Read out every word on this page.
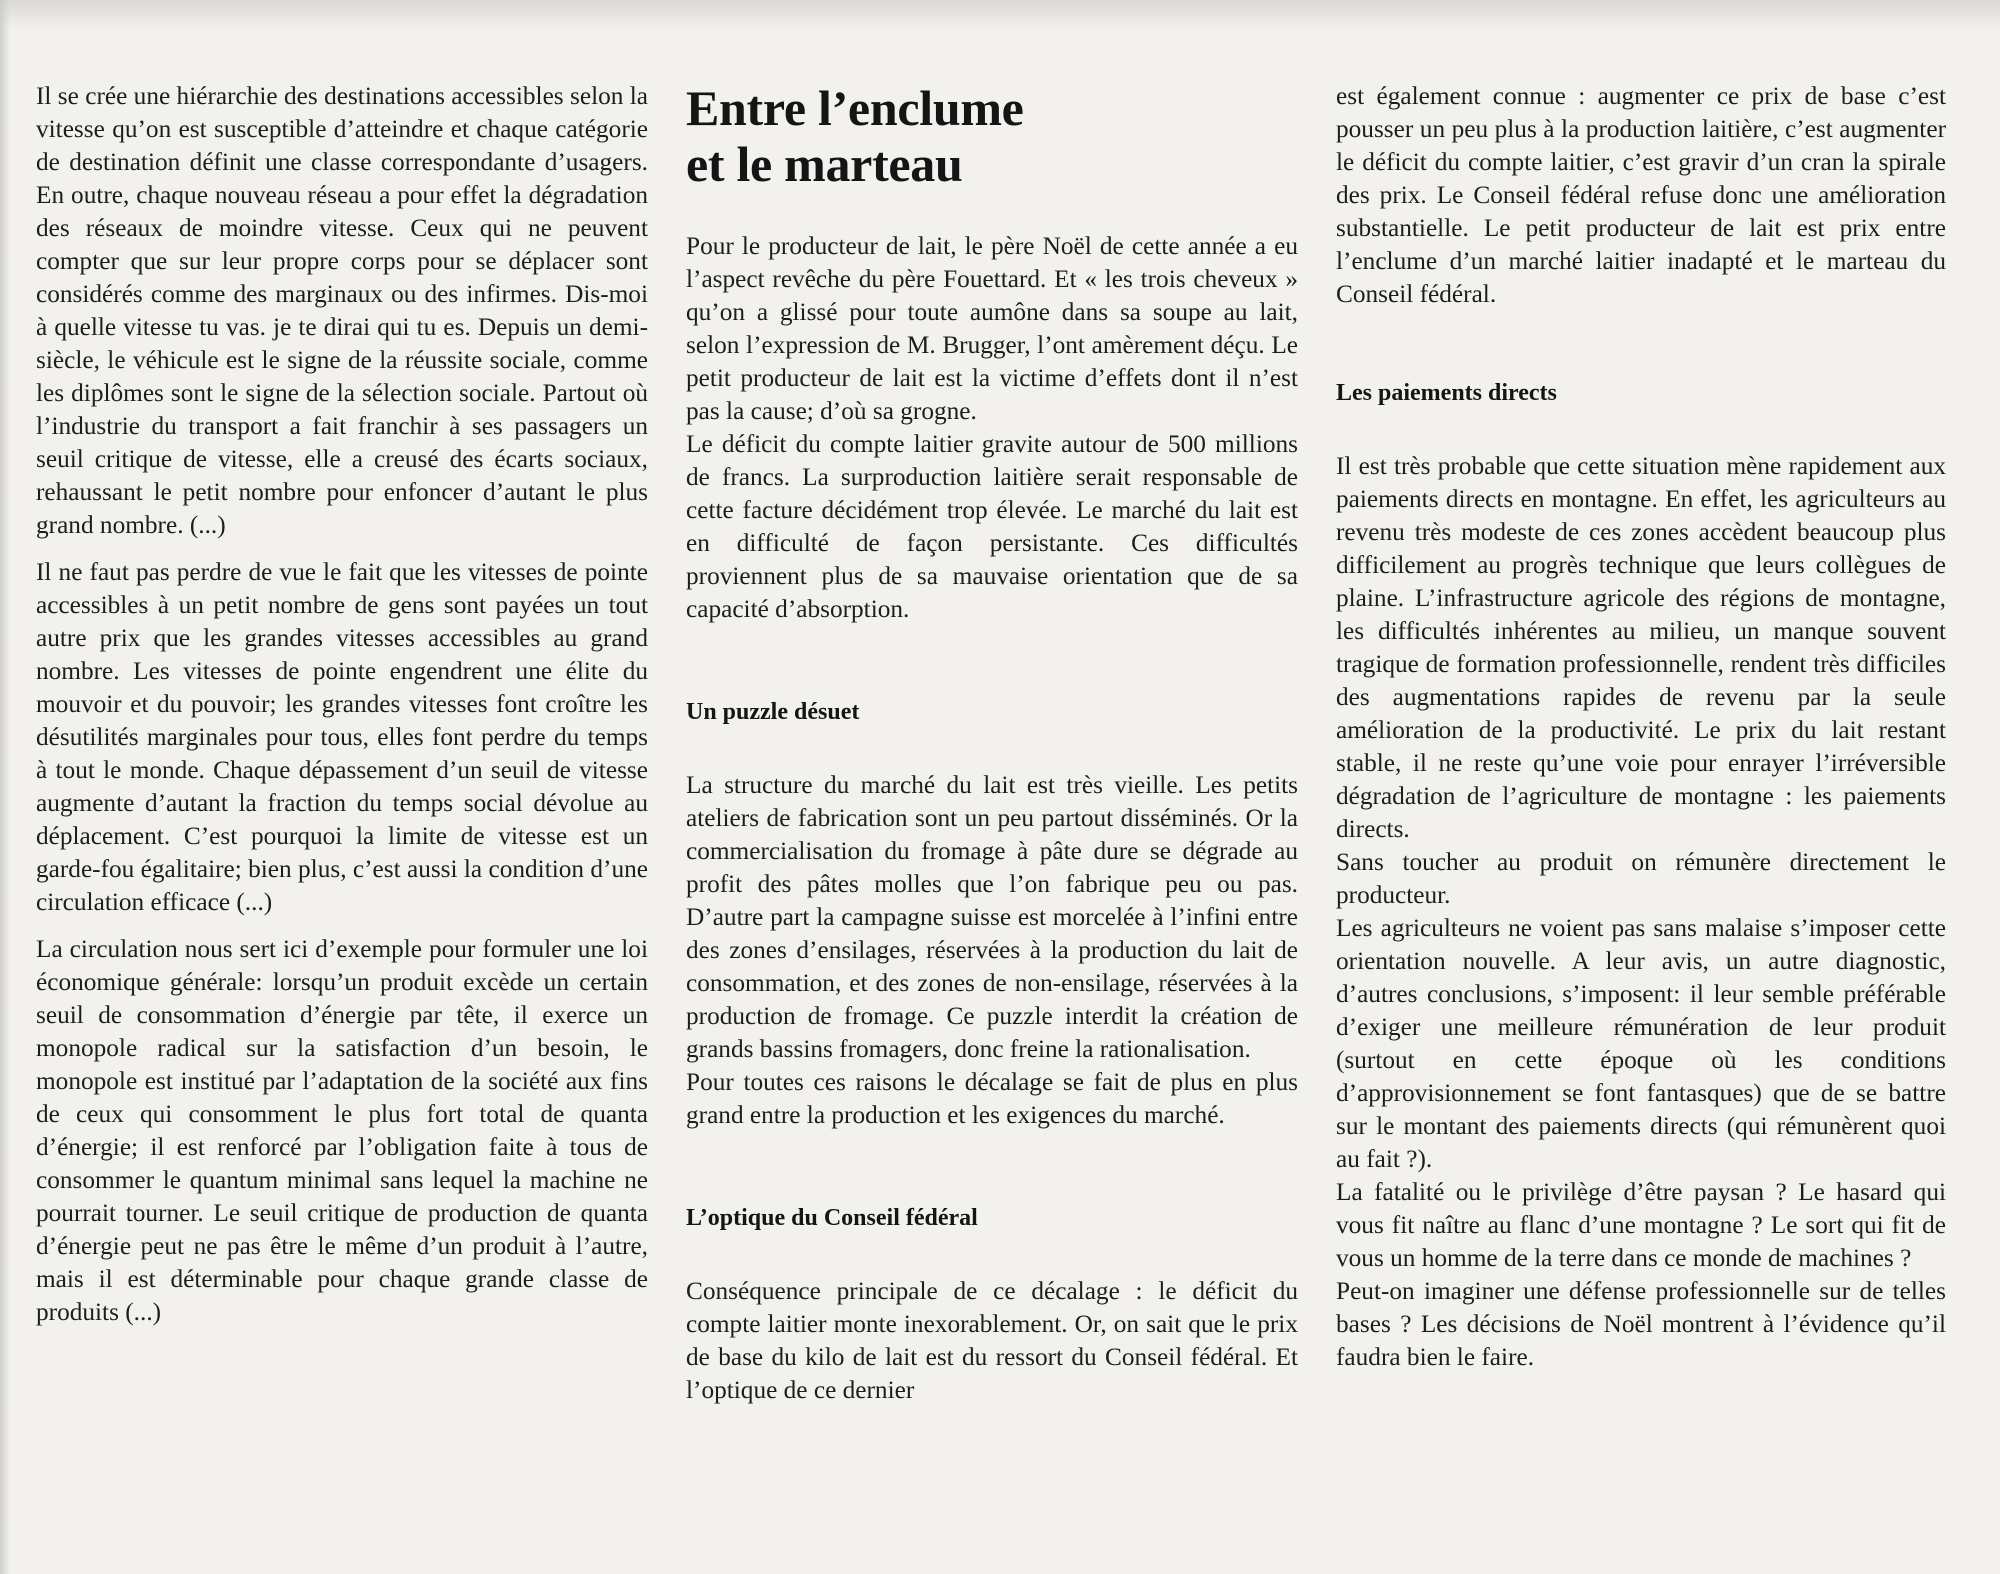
Il se crée une hiérarchie des destinations accessibles selon la vitesse qu’on est susceptible d’atteindre et chaque catégorie de destination définit une classe correspondante d’usagers. En outre, chaque nouveau réseau a pour effet la dégradation des réseaux de moindre vitesse. Ceux qui ne peuvent compter que sur leur propre corps pour se déplacer sont considérés comme des marginaux ou des infirmes. Dis-moi à quelle vitesse tu vas. je te dirai qui tu es. Depuis un demi-siècle, le véhicule est le signe de la réussite sociale, comme les diplômes sont le signe de la sélection sociale. Partout où l’industrie du transport a fait franchir à ses passagers un seuil critique de vitesse, elle a creusé des écarts sociaux, rehaussant le petit nombre pour enfoncer d’autant le plus grand nombre. (...)

Il ne faut pas perdre de vue le fait que les vitesses de pointe accessibles à un petit nombre de gens sont payées un tout autre prix que les grandes vitesses accessibles au grand nombre. Les vitesses de pointe engendrent une élite du mouvoir et du pouvoir; les grandes vitesses font croître les désutilités marginales pour tous, elles font perdre du temps à tout le monde. Chaque dépassement d’un seuil de vitesse augmente d’autant la fraction du temps social dévolue au déplacement. C’est pourquoi la limite de vitesse est un garde-fou égalitaire; bien plus, c’est aussi la condition d’une circulation efficace (...)

La circulation nous sert ici d’exemple pour formuler une loi économique générale: lorsqu’un produit excède un certain seuil de consommation d’énergie par tête, il exerce un monopole radical sur la satisfaction d’un besoin, le monopole est institué par l’adaptation de la société aux fins de ceux qui consomment le plus fort total de quanta d’énergie; il est renforcé par l’obligation faite à tous de consommer le quantum minimal sans lequel la machine ne pourrait tourner. Le seuil critique de production de quanta d’énergie peut ne pas être le même d’un produit à l’autre, mais il est déterminable pour chaque grande classe de produits (...)

Entre l’enclume
et le marteau

Pour le producteur de lait, le père Noël de cette année a eu l’aspect revêche du père Fouettard. Et « les trois cheveux » qu’on a glissé pour toute aumône dans sa soupe au lait, selon l’expression de M. Brugger, l’ont amèrement déçu. Le petit producteur de lait est la victime d’effets dont il n’est pas la cause; d’où sa grogne.

Le déficit du compte laitier gravite autour de 500 millions de francs. La surproduction laitière serait responsable de cette facture décidément trop élevée. Le marché du lait est en difficulté de façon persistante. Ces difficultés proviennent plus de sa mauvaise orientation que de sa capacité d’absorption.

Un puzzle désuet

La structure du marché du lait est très vieille. Les petits ateliers de fabrication sont un peu partout disséminés. Or la commercialisation du fromage à pâte dure se dégrade au profit des pâtes molles que l’on fabrique peu ou pas. D’autre part la campagne suisse est morcelée à l’infini entre des zones d’ensilages, réservées à la production du lait de consommation, et des zones de non-ensilage, réservées à la production de fromage. Ce puzzle interdit la création de grands bassins fromagers, donc freine la rationalisation.

Pour toutes ces raisons le décalage se fait de plus en plus grand entre la production et les exigences du marché.

L’optique du Conseil fédéral

Conséquence principale de ce décalage : le déficit du compte laitier monte inexorablement. Or, on sait que le prix de base du kilo de lait est du ressort du Conseil fédéral. Et l’optique de ce dernier

est également connue : augmenter ce prix de base c’est pousser un peu plus à la production laitière, c’est augmenter le déficit du compte laitier, c’est gravir d’un cran la spirale des prix. Le Conseil fédéral refuse donc une amélioration substantielle. Le petit producteur de lait est prix entre l’enclume d’un marché laitier inadapté et le marteau du Conseil fédéral.

Les paiements directs

Il est très probable que cette situation mène rapidement aux paiements directs en montagne. En effet, les agriculteurs au revenu très modeste de ces zones accèdent beaucoup plus difficilement au progrès technique que leurs collègues de plaine. L’infrastructure agricole des régions de montagne, les difficultés inhérentes au milieu, un manque souvent tragique de formation professionnelle, rendent très difficiles des augmentations rapides de revenu par la seule amélioration de la productivité. Le prix du lait restant stable, il ne reste qu’une voie pour enrayer l’irréversible dégradation de l’agriculture de montagne : les paiements directs.

Sans toucher au produit on rémunère directement le producteur.

Les agriculteurs ne voient pas sans malaise s’imposer cette orientation nouvelle. A leur avis, un autre diagnostic, d’autres conclusions, s’imposent: il leur semble préférable d’exiger une meilleure rémunération de leur produit (surtout en cette époque où les conditions d’approvisionnement se font fantasques) que de se battre sur le montant des paiements directs (qui rémunèrent quoi au fait ?).

La fatalité ou le privilège d’être paysan ? Le hasard qui vous fit naître au flanc d’une montagne ? Le sort qui fit de vous un homme de la terre dans ce monde de machines ?

Peut-on imaginer une défense professionnelle sur de telles bases ? Les décisions de Noël montrent à l’évidence qu’il faudra bien le faire.
